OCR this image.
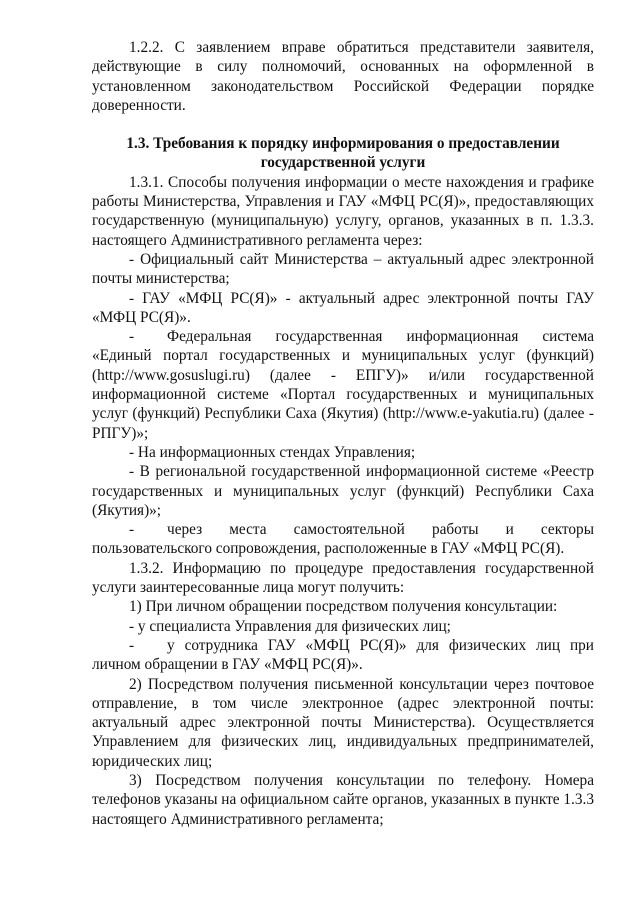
1.2.2. С заявлением вправе обратиться представители заявителя, действующие в силу полномочий, основанных на оформленной в установленном законодательством Российской Федерации порядке доверенности.

1.3. Требования к порядку информирования о предоставлении

государственной услуги

1.3.1. Способы получения информации о месте нахождения и графике работы Министерства, Управления и ГАУ «МФЦ РС(Я)», предоставляющих государственную (муниципальную) услугу, органов, указанных в п. 1.3.3. настоящего Административного регламента через:

- Официальный сайт Министерства – актуальный адрес электронной почты министерства;

- ГАУ «МФЦ РС(Я)» - актуальный адрес электронной почты ГАУ «МФЦ РС(Я)».

- Федеральная государственная информационная система «Единый портал государственных и муниципальных услуг (функций) (http://www.gosuslugi.ru) (далее - ЕПГУ)» и/или государственной информационной системе «Портал государственных и муниципальных услуг (функций) Республики Саха (Якутия) (http://www.e-yakutia.ru) (далее - РПГУ)»;

- На информационных стендах Управления;

- В региональной государственной информационной системе «Реестр государственных и муниципальных услуг (функций) Республики Саха (Якутия)»;

- через места самостоятельной работы и секторы пользовательского сопровождения, расположенные в ГАУ «МФЦ РС(Я).

1.3.2. Информацию по процедуре предоставления государственной услуги заинтересованные лица могут получить:

1) При личном обращении посредством получения консультации:

- у специалиста Управления для физических лиц;

- у сотрудника ГАУ «МФЦ РС(Я)» для физических лиц при личном обращении в ГАУ «МФЦ РС(Я)».

2) Посредством получения письменной консультации через почтовое отправление, в том числе электронное (адрес электронной почты: актуальный адрес электронной почты Министерства). Осуществляется Управлением для физических лиц, индивидуальных предпринимателей, юридических лиц;

3) Посредством получения консультации по телефону. Номера телефонов указаны на официальном сайте органов, указанных в пункте 1.3.3 настоящего Административного регламента;
